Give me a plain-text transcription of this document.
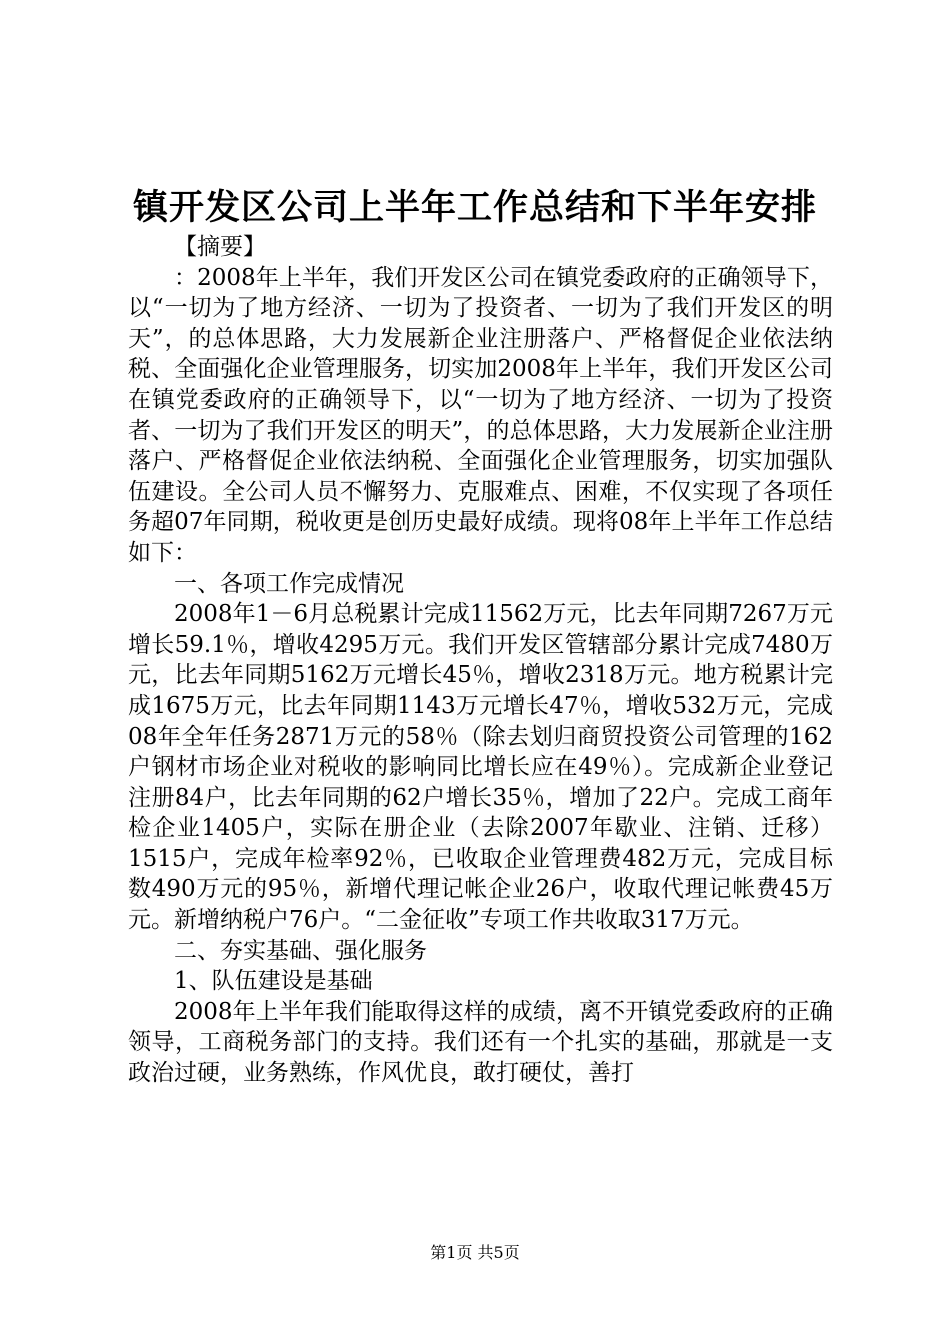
镇开发区公司上半年工作总结和下半年安排

【摘要】

：2008年上半年，我们开发区公司在镇党委政府的正确领导下，以“一切为了地方经济、一切为了投资者、一切为了我们开发区的明天”，的总体思路，大力发展新企业注册落户、严格督促企业依法纳税、全面强化企业管理服务，切实加2008年上半年，我们开发区公司在镇党委政府的正确领导下，以“一切为了地方经济、一切为了投资者、一切为了我们开发区的明天”，的总体思路，大力发展新企业注册落户、严格督促企业依法纳税、全面强化企业管理服务，切实加强队伍建设。全公司人员不懈努力、克服难点、困难，不仅实现了各项任务超07年同期，税收更是创历史最好成绩。现将08年上半年工作总结如下：

一、各项工作完成情况

2008年1－6月总税累计完成11562万元，比去年同期7267万元增长59.1％，增收4295万元。我们开发区管辖部分累计完成7480万元，比去年同期5162万元增长45％，增收2318万元。地方税累计完成1675万元，比去年同期1143万元增长47％，增收532万元，完成08年全年任务2871万元的58％（除去划归商贸投资公司管理的162户钢材市场企业对税收的影响同比增长应在49％）。完成新企业登记注册84户，比去年同期的62户增长35％，增加了22户。完成工商年检企业1405户，实际在册企业（去除2007年歇业、注销、迁移）1515户，完成年检率92％，已收取企业管理费482万元，完成目标数490万元的95％，新增代理记帐企业26户，收取代理记帐费45万元。新增纳税户76户。“二金征收”专项工作共收取317万元。

二、夯实基础、强化服务

1、队伍建设是基础

2008年上半年我们能取得这样的成绩，离不开镇党委政府的正确领导，工商税务部门的支持。我们还有一个扎实的基础，那就是一支政治过硬，业务熟练，作风优良，敢打硬仗，善打

第1页 共5页
